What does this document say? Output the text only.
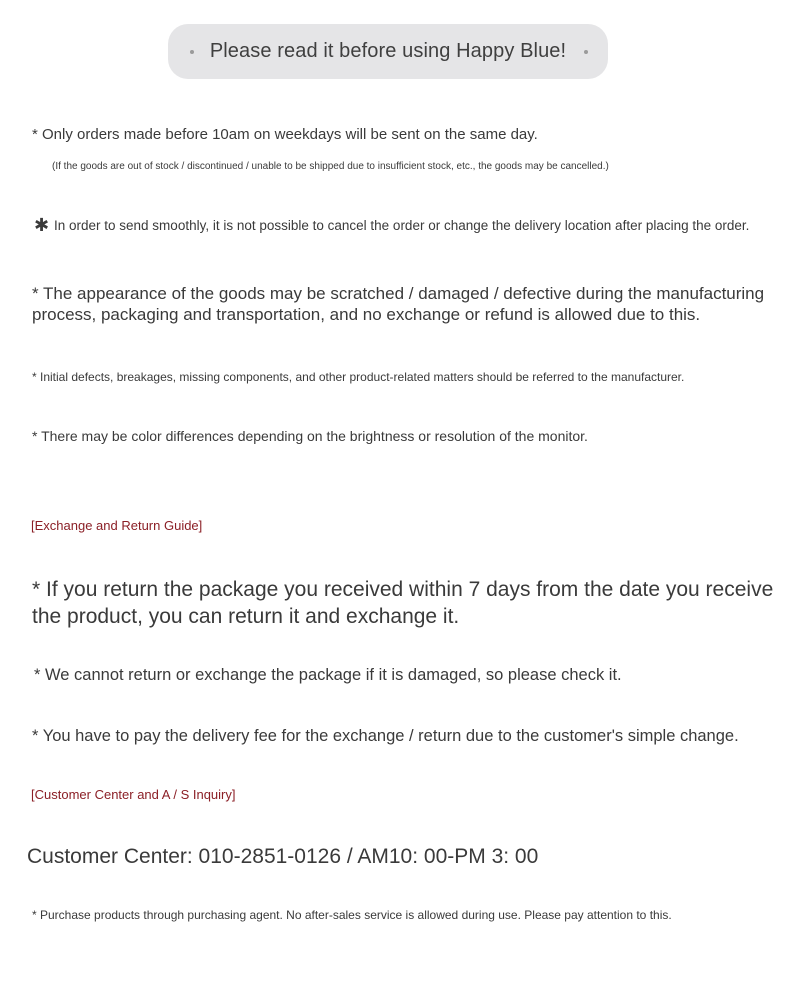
Please read it before using Happy Blue!
* Only orders made before 10am on weekdays will be sent on the same day.
(If the goods are out of stock / discontinued / unable to be shipped due to insufficient stock, etc., the goods may be cancelled.)
✱ In order to send smoothly, it is not possible to cancel the order or change the delivery location after placing the order.
* The appearance of the goods may be scratched / damaged / defective during the manufacturing process, packaging and transportation, and no exchange or refund is allowed due to this.
* Initial defects, breakages, missing components, and other product-related matters should be referred to the manufacturer.
* There may be color differences depending on the brightness or resolution of the monitor.
[Exchange and Return Guide]
* If you return the package you received within 7 days from the date you receive the product, you can return it and exchange it.
* We cannot return or exchange the package if it is damaged, so please check it.
* You have to pay the delivery fee for the exchange / return due to the customer's simple change.
[Customer Center and A / S Inquiry]
Customer Center: 010-2851-0126 / AM10: 00-PM 3: 00
* Purchase products through purchasing agent. No after-sales service is allowed during use. Please pay attention to this.
